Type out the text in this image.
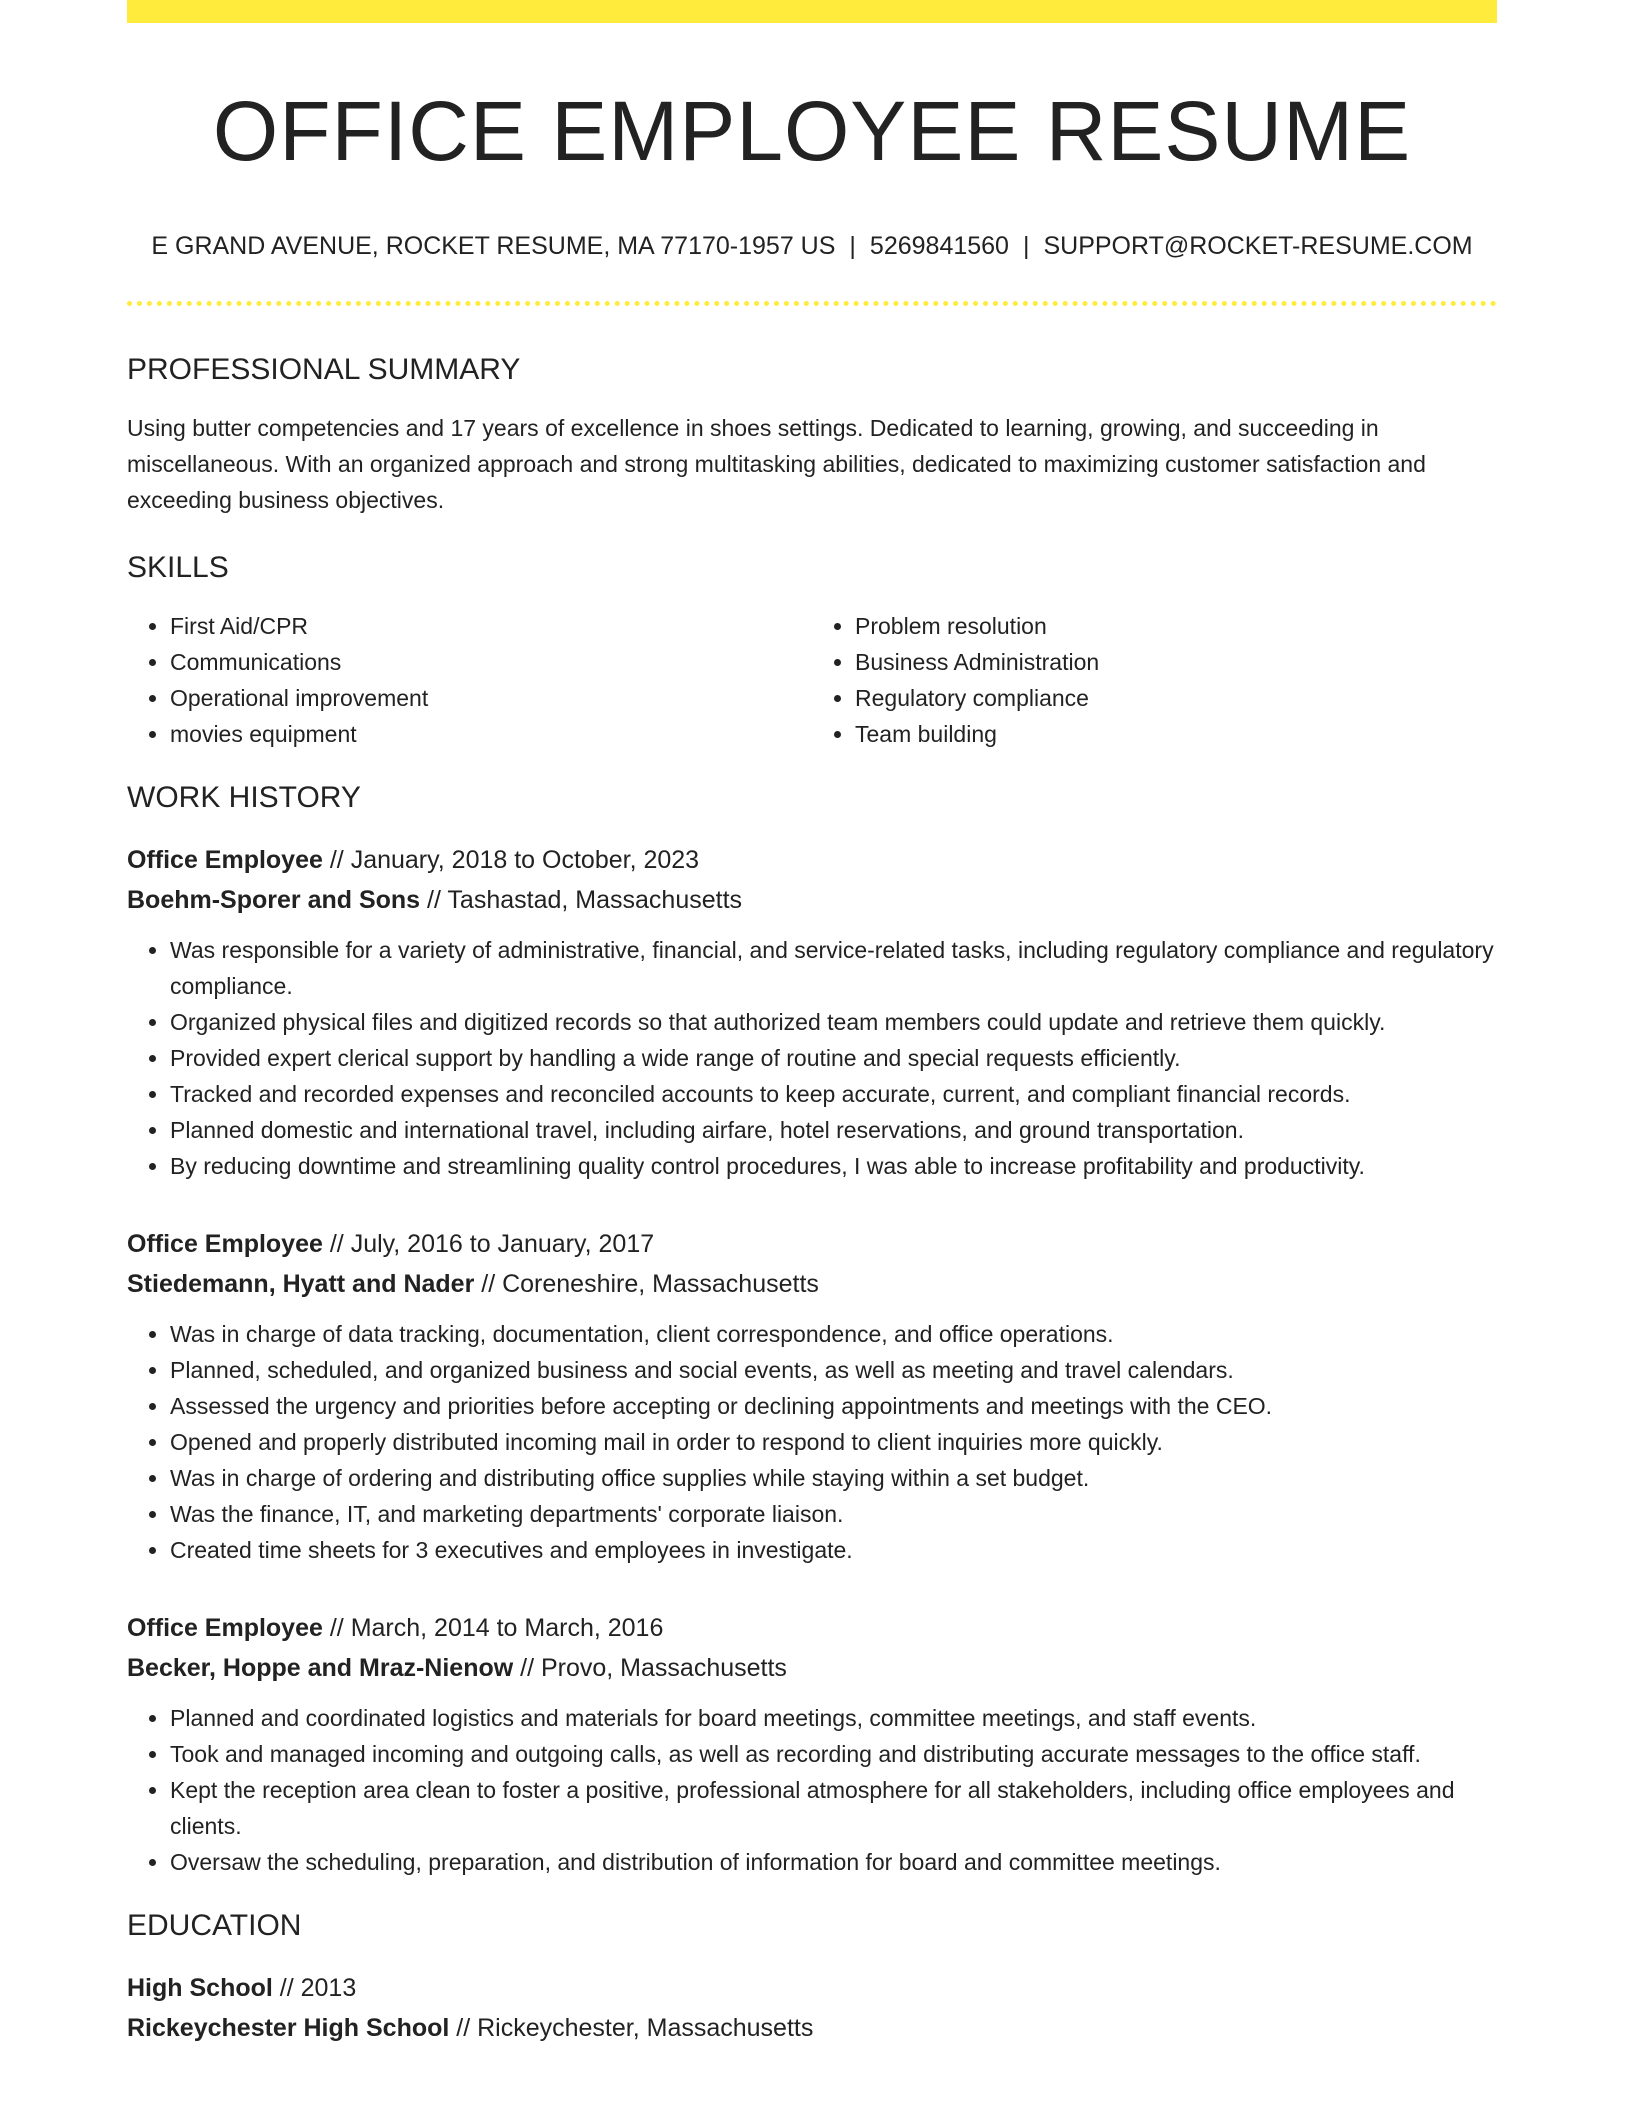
OFFICE EMPLOYEE RESUME
E GRAND AVENUE, ROCKET RESUME, MA 77170-1957 US | 5269841560 | SUPPORT@ROCKET-RESUME.COM
PROFESSIONAL SUMMARY

Using butter competencies and 17 years of excellence in shoes settings. Dedicated to learning, growing, and succeeding in miscellaneous. With an organized approach and strong multitasking abilities, dedicated to maximizing customer satisfaction and exceeding business objectives.

SKILLS
• First Aid/CPR
• Communications
• Operational improvement
• movies equipment
• Problem resolution
• Business Administration
• Regulatory compliance
• Team building
WORK HISTORY
Office Employee // January, 2018 to October, 2023
Boehm-Sporer and Sons // Tashastad, Massachusetts
• Was responsible for a variety of administrative, financial, and service-related tasks, including regulatory compliance and regulatory compliance.
• Organized physical files and digitized records so that authorized team members could update and retrieve them quickly.
• Provided expert clerical support by handling a wide range of routine and special requests efficiently.
• Tracked and recorded expenses and reconciled accounts to keep accurate, current, and compliant financial records.
• Planned domestic and international travel, including airfare, hotel reservations, and ground transportation.
• By reducing downtime and streamlining quality control procedures, I was able to increase profitability and productivity.
Office Employee // July, 2016 to January, 2017
Stiedemann, Hyatt and Nader // Coreneshire, Massachusetts
• Was in charge of data tracking, documentation, client correspondence, and office operations.
• Planned, scheduled, and organized business and social events, as well as meeting and travel calendars.
• Assessed the urgency and priorities before accepting or declining appointments and meetings with the CEO.
• Opened and properly distributed incoming mail in order to respond to client inquiries more quickly.
• Was in charge of ordering and distributing office supplies while staying within a set budget.
• Was the finance, IT, and marketing departments' corporate liaison.
• Created time sheets for 3 executives and employees in investigate.
Office Employee // March, 2014 to March, 2016
Becker, Hoppe and Mraz-Nienow // Provo, Massachusetts
• Planned and coordinated logistics and materials for board meetings, committee meetings, and staff events.
• Took and managed incoming and outgoing calls, as well as recording and distributing accurate messages to the office staff.
• Kept the reception area clean to foster a positive, professional atmosphere for all stakeholders, including office employees and clients.
• Oversaw the scheduling, preparation, and distribution of information for board and committee meetings.
EDUCATION
High School // 2013
Rickeychester High School // Rickeychester, Massachusetts
